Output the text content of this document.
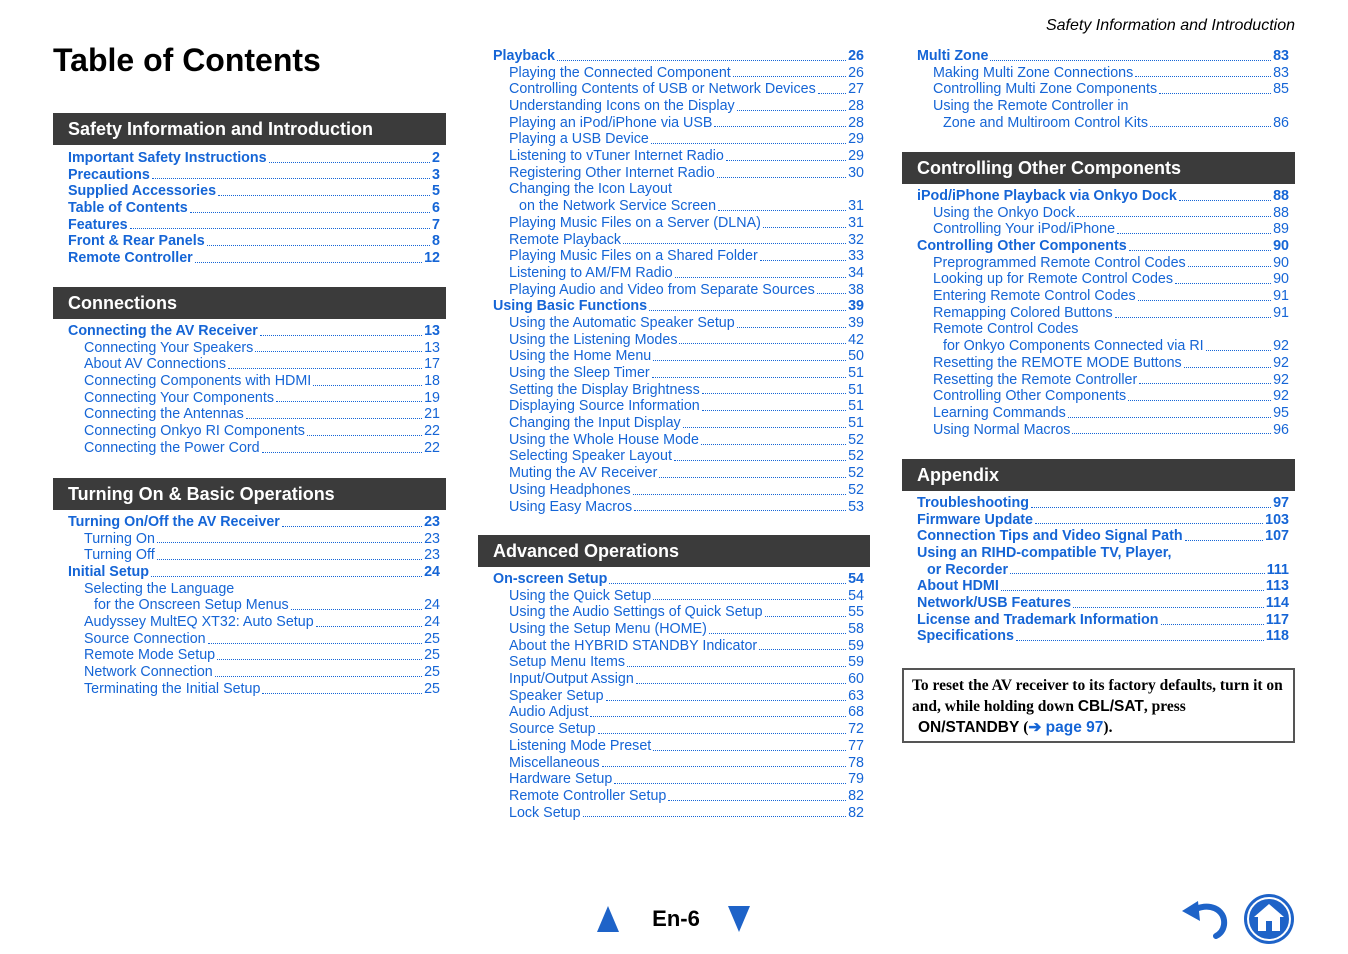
Safety Information and Introduction
Table of Contents
Safety Information and Introduction
Important Safety Instructions	2
Precautions	3
Supplied Accessories	5
Table of Contents	6
Features	7
Front & Rear Panels	8
Remote Controller	12
Connections
Connecting the AV Receiver	13
Connecting Your Speakers	13
About AV Connections	17
Connecting Components with HDMI	18
Connecting Your Components	19
Connecting the Antennas	21
Connecting Onkyo RI Components	22
Connecting the Power Cord	22
Turning On & Basic Operations
Turning On/Off the AV Receiver	23
Turning On	23
Turning Off	23
Initial Setup	24
Selecting the Language
for the Onscreen Setup Menus	24
Audyssey MultEQ XT32: Auto Setup	24
Source Connection	25
Remote Mode Setup	25
Network Connection	25
Terminating the Initial Setup	25
Playback	26
Playing the Connected Component	26
Controlling Contents of USB or Network Devices 27
Understanding Icons on the Display	28
Playing an iPod/iPhone via USB	28
Playing a USB Device	29
Listening to vTuner Internet Radio	29
Registering Other Internet Radio	30
Changing the Icon Layout
on the Network Service Screen	31
Playing Music Files on a Server (DLNA)	31
Remote Playback	32
Playing Music Files on a Shared Folder	33
Listening to AM/FM Radio	34
Playing Audio and Video from Separate Sources 38
Using Basic Functions	39
Using the Automatic Speaker Setup	39
Using the Listening Modes	42
Using the Home Menu	50
Using the Sleep Timer	51
Setting the Display Brightness	51
Displaying Source Information	51
Changing the Input Display	51
Using the Whole House Mode	52
Selecting Speaker Layout	52
Muting the AV Receiver	52
Using Headphones	52
Using Easy Macros	53
Advanced Operations
On-screen Setup	54
Using the Quick Setup	54
Using the Audio Settings of Quick Setup	55
Using the Setup Menu (HOME)	58
About the HYBRID STANDBY Indicator	59
Setup Menu Items	59
Input/Output Assign	60
Speaker Setup	63
Audio Adjust	68
Source Setup	72
Listening Mode Preset	77
Miscellaneous	78
Hardware Setup	79
Remote Controller Setup	82
Lock Setup	82
Multi Zone	83
Making Multi Zone Connections	83
Controlling Multi Zone Components	85
Using the Remote Controller in
Zone and Multiroom Control Kits	86
Controlling Other Components
iPod/iPhone Playback via Onkyo Dock	88
Using the Onkyo Dock	88
Controlling Your iPod/iPhone	89
Controlling Other Components	90
Preprogrammed Remote Control Codes	90
Looking up for Remote Control Codes	90
Entering Remote Control Codes	91
Remapping Colored Buttons	91
Remote Control Codes
for Onkyo Components Connected via RI	92
Resetting the REMOTE MODE Buttons	92
Resetting the Remote Controller	92
Controlling Other Components	92
Learning Commands	95
Using Normal Macros	96
Appendix
Troubleshooting	97
Firmware Update	103
Connection Tips and Video Signal Path	107
Using an RIHD-compatible TV, Player,
or Recorder	111
About HDMI	113
Network/USB Features	114
License and Trademark Information	117
Specifications	118
To reset the AV receiver to its factory defaults, turn it on and, while holding down CBL/SAT, press
ON/STANDBY (➔ page 97).
En-6
